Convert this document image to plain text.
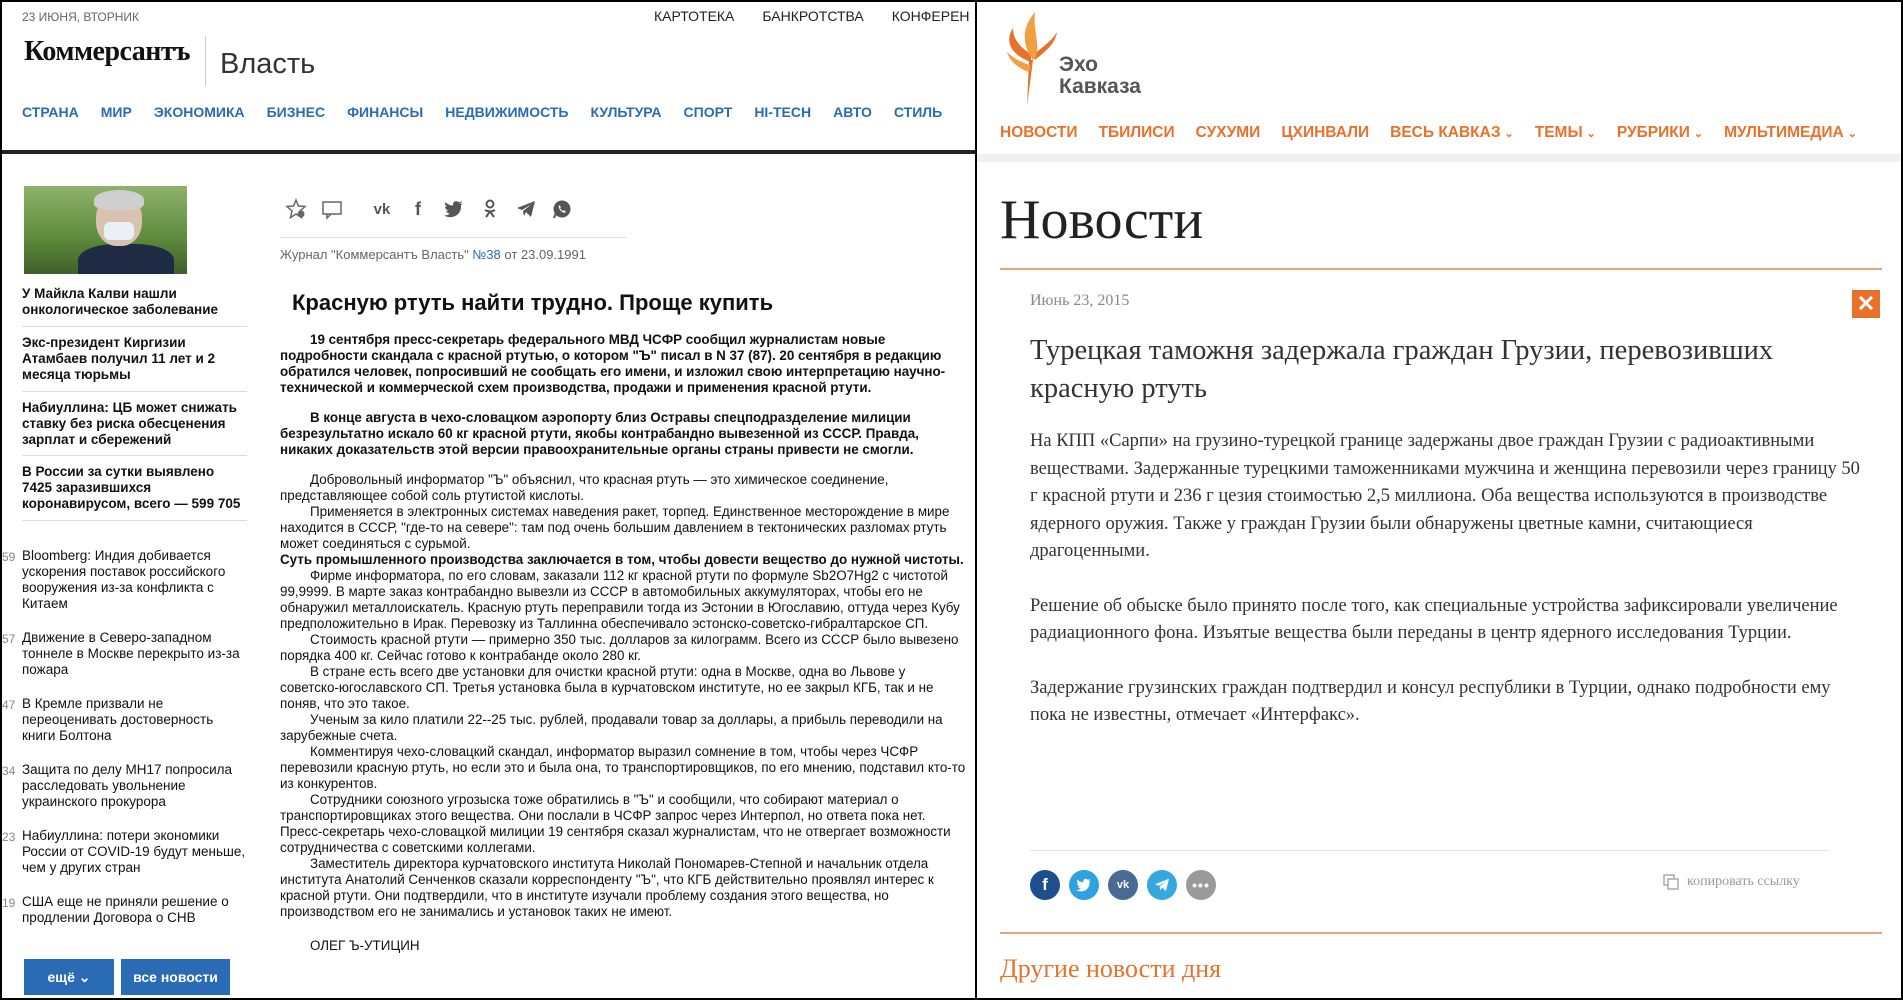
23 ИЮНЯ, ВТОРНИК	КАРТОТЕКА БАНКРОТСТВА КОНФЕРЕН
Коммерсантъ Власть
СТРАНА МИР ЭКОНОМИКА БИЗНЕС ФИНАНСЫ НЕДВИЖИМОСТЬ КУЛЬТУРА СПОРТ HI-TECH АВТО СТИЛЬ
У Майкла Калви нашли онкологическое заболевание
Экс-президент Киргизии Атамбаев получил 11 лет и 2 месяца тюрьмы
Набиуллина: ЦБ может снижать ставку без риска обесценения зарплат и сбережений
В России за сутки выявлено 7425 заразившихся коронавирусом, всего — 599 705
59 Bloomberg: Индия добивается ускорения поставок российского вооружения из-за конфликта с Китаем
57 Движение в Северо-западном тоннеле в Москве перекрыто из-за пожара
47 В Кремле призвали не переоценивать достоверность книги Болтона
34 Защита по делу MH17 попросила расследовать увольнение украинского прокурора
23 Набиуллина: потери экономики России от COVID-19 будут меньше, чем у других стран
19 США еще не приняли решение о продлении Договора о СНВ
ещё ⌄	все новости
vk	f
Журнал "Коммерсантъ Власть" №38 от 23.09.1991
Красную ртуть найти трудно. Проще купить

19 сентября пресс-секретарь федерального МВД ЧСФР сообщил журналистам новые подробности скандала с красной ртутью, о котором "Ъ" писал в N 37 (87). 20 сентября в редакцию обратился человек, попросивший не сообщать его имени, и изложил свою интерпретацию научно-технической и коммерческой схем производства, продажи и применения красной ртути.

В конце августа в чехо-словацком аэропорту близ Остравы спецподразделение милиции безрезультатно искало 60 кг красной ртути, якобы контрабандно вывезенной из СССР. Правда, никаких доказательств этой версии правоохранительные органы страны привести не смогли.

Добровольный информатор "Ъ" объяснил, что красная ртуть — это химическое соединение, представляющее собой соль ртутистой кислоты.

Применяется в электронных системах наведения ракет, торпед. Единственное месторождение в мире находится в СССР, "где-то на севере": там под очень большим давлением в тектонических разломах ртуть может соединяться с сурьмой.

Суть промышленного производства заключается в том, чтобы довести вещество до нужной чистоты.

Фирме информатора, по его словам, заказали 112 кг красной ртути по формуле Sb2O7Hg2 с чистотой 99,9999. В марте заказ контрабандно вывезли из СССР в автомобильных аккумуляторах, чтобы его не обнаружил металлоискатель. Красную ртуть переправили тогда из Эстонии в Югославию, оттуда через Кубу предположительно в Ирак. Перевозку из Таллинна обеспечивало эстонско-советско-гибралтарское СП.

Стоимость красной ртути — примерно 350 тыс. долларов за килограмм. Всего из СССР было вывезено порядка 400 кг. Сейчас готово к контрабанде около 280 кг.

В стране есть всего две установки для очистки красной ртути: одна в Москве, одна во Львове у советско-югославского СП. Третья установка была в курчатовском институте, но ее закрыл КГБ, так и не поняв, что это такое.

Ученым за кило платили 22--25 тыс. рублей, продавали товар за доллары, а прибыль переводили на зарубежные счета.

Комментируя чехо-словацкий скандал, информатор выразил сомнение в том, чтобы через ЧСФР перевозили красную ртуть, но если это и была она, то транспортировщиков, по его мнению, подставил кто-то из конкурентов.

Сотрудники союзного угрозыска тоже обратились в "Ъ" и сообщили, что собирают материал о транспортировщиках этого вещества. Они послали в ЧСФР запрос через Интерпол, но ответа пока нет. Пресс-секретарь чехо-словацкой милиции 19 сентября сказал журналистам, что не отвергает возможности сотрудничества с советскими коллегами.

Заместитель директора курчатовского института Николай Пономарев-Степной и начальник отдела института Анатолий Сенченков сказали корреспонденту "Ъ", что КГБ действительно проявлял интерес к красной ртути. Они подтвердили, что в институте изучали проблему создания этого вещества, но производством его не занимались и установок таких не имеют.

ОЛЕГ Ъ-УТИЦИН

Эхо
Кавказа
НОВОСТИ ТБИЛИСИ СУХУМИ ЦХИНВАЛИ ВЕСЬ КАВКАЗ ⌄ ТЕМЫ ⌄ РУБРИКИ ⌄ МУЛЬТИМЕДИА ⌄
Новости
Июнь 23, 2015	✕
Турецкая таможня задержала граждан Грузии, перевозивших красную ртуть

На КПП «Сарпи» на грузино-турецкой границе задержаны двое граждан Грузии с радиоактивными веществами. Задержанные турецкими таможенниками мужчина и женщина перевозили через границу 50 г красной ртути и 236 г цезия стоимостью 2,5 миллиона. Оба вещества используются в производстве ядерного оружия. Также у граждан Грузии были обнаружены цветные камни, считающиеся драгоценными.

Решение об обыске было принято после того, как специальные устройства зафиксировали увеличение радиационного фона. Изъятые вещества были переданы в центр ядерного исследования Турции.

Задержание грузинских граждан подтвердил и консул республики в Турции, однако подробности ему пока не известны, отмечает «Интерфакс».

f	vk	•••	копировать ссылку
Другие новости дня
